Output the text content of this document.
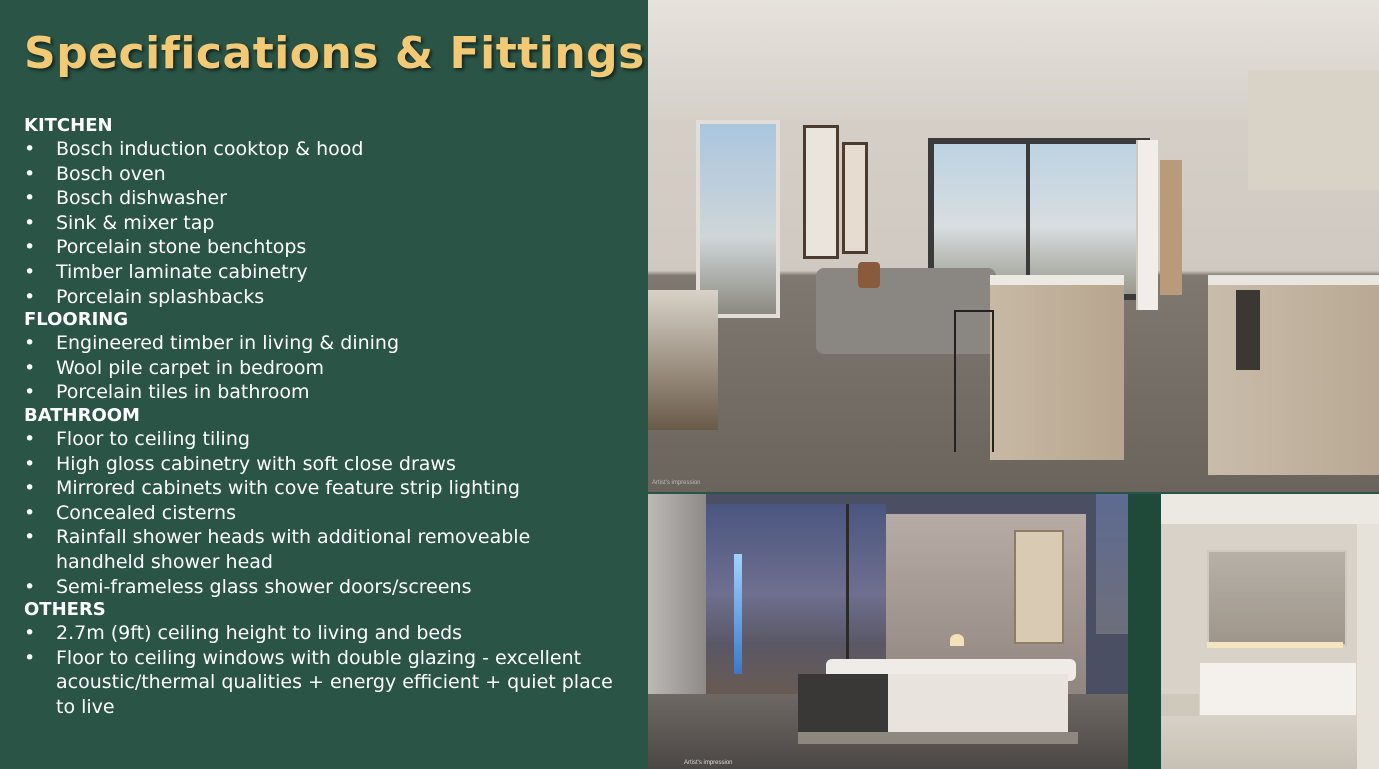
Specifications & Fittings
KITCHEN
• Bosch induction cooktop & hood
• Bosch oven
• Bosch dishwasher
• Sink & mixer tap
• Porcelain stone benchtops
• Timber laminate cabinetry
• Porcelain splashbacks
FLOORING
• Engineered timber in living & dining
• Wool pile carpet in bedroom
• Porcelain tiles in bathroom
BATHROOM
• Floor to ceiling tiling
• High gloss cabinetry with soft close draws
• Mirrored cabinets with cove feature strip lighting
• Concealed cisterns
• Rainfall shower heads with additional removeable handheld shower head
• Semi-frameless glass shower doors/screens
OTHERS
• 2.7m (9ft) ceiling height to living and beds
• Floor to ceiling windows with double glazing - excellent acoustic/thermal qualities + energy efficient + quiet place to live
Artist's impression
Artist's impression
